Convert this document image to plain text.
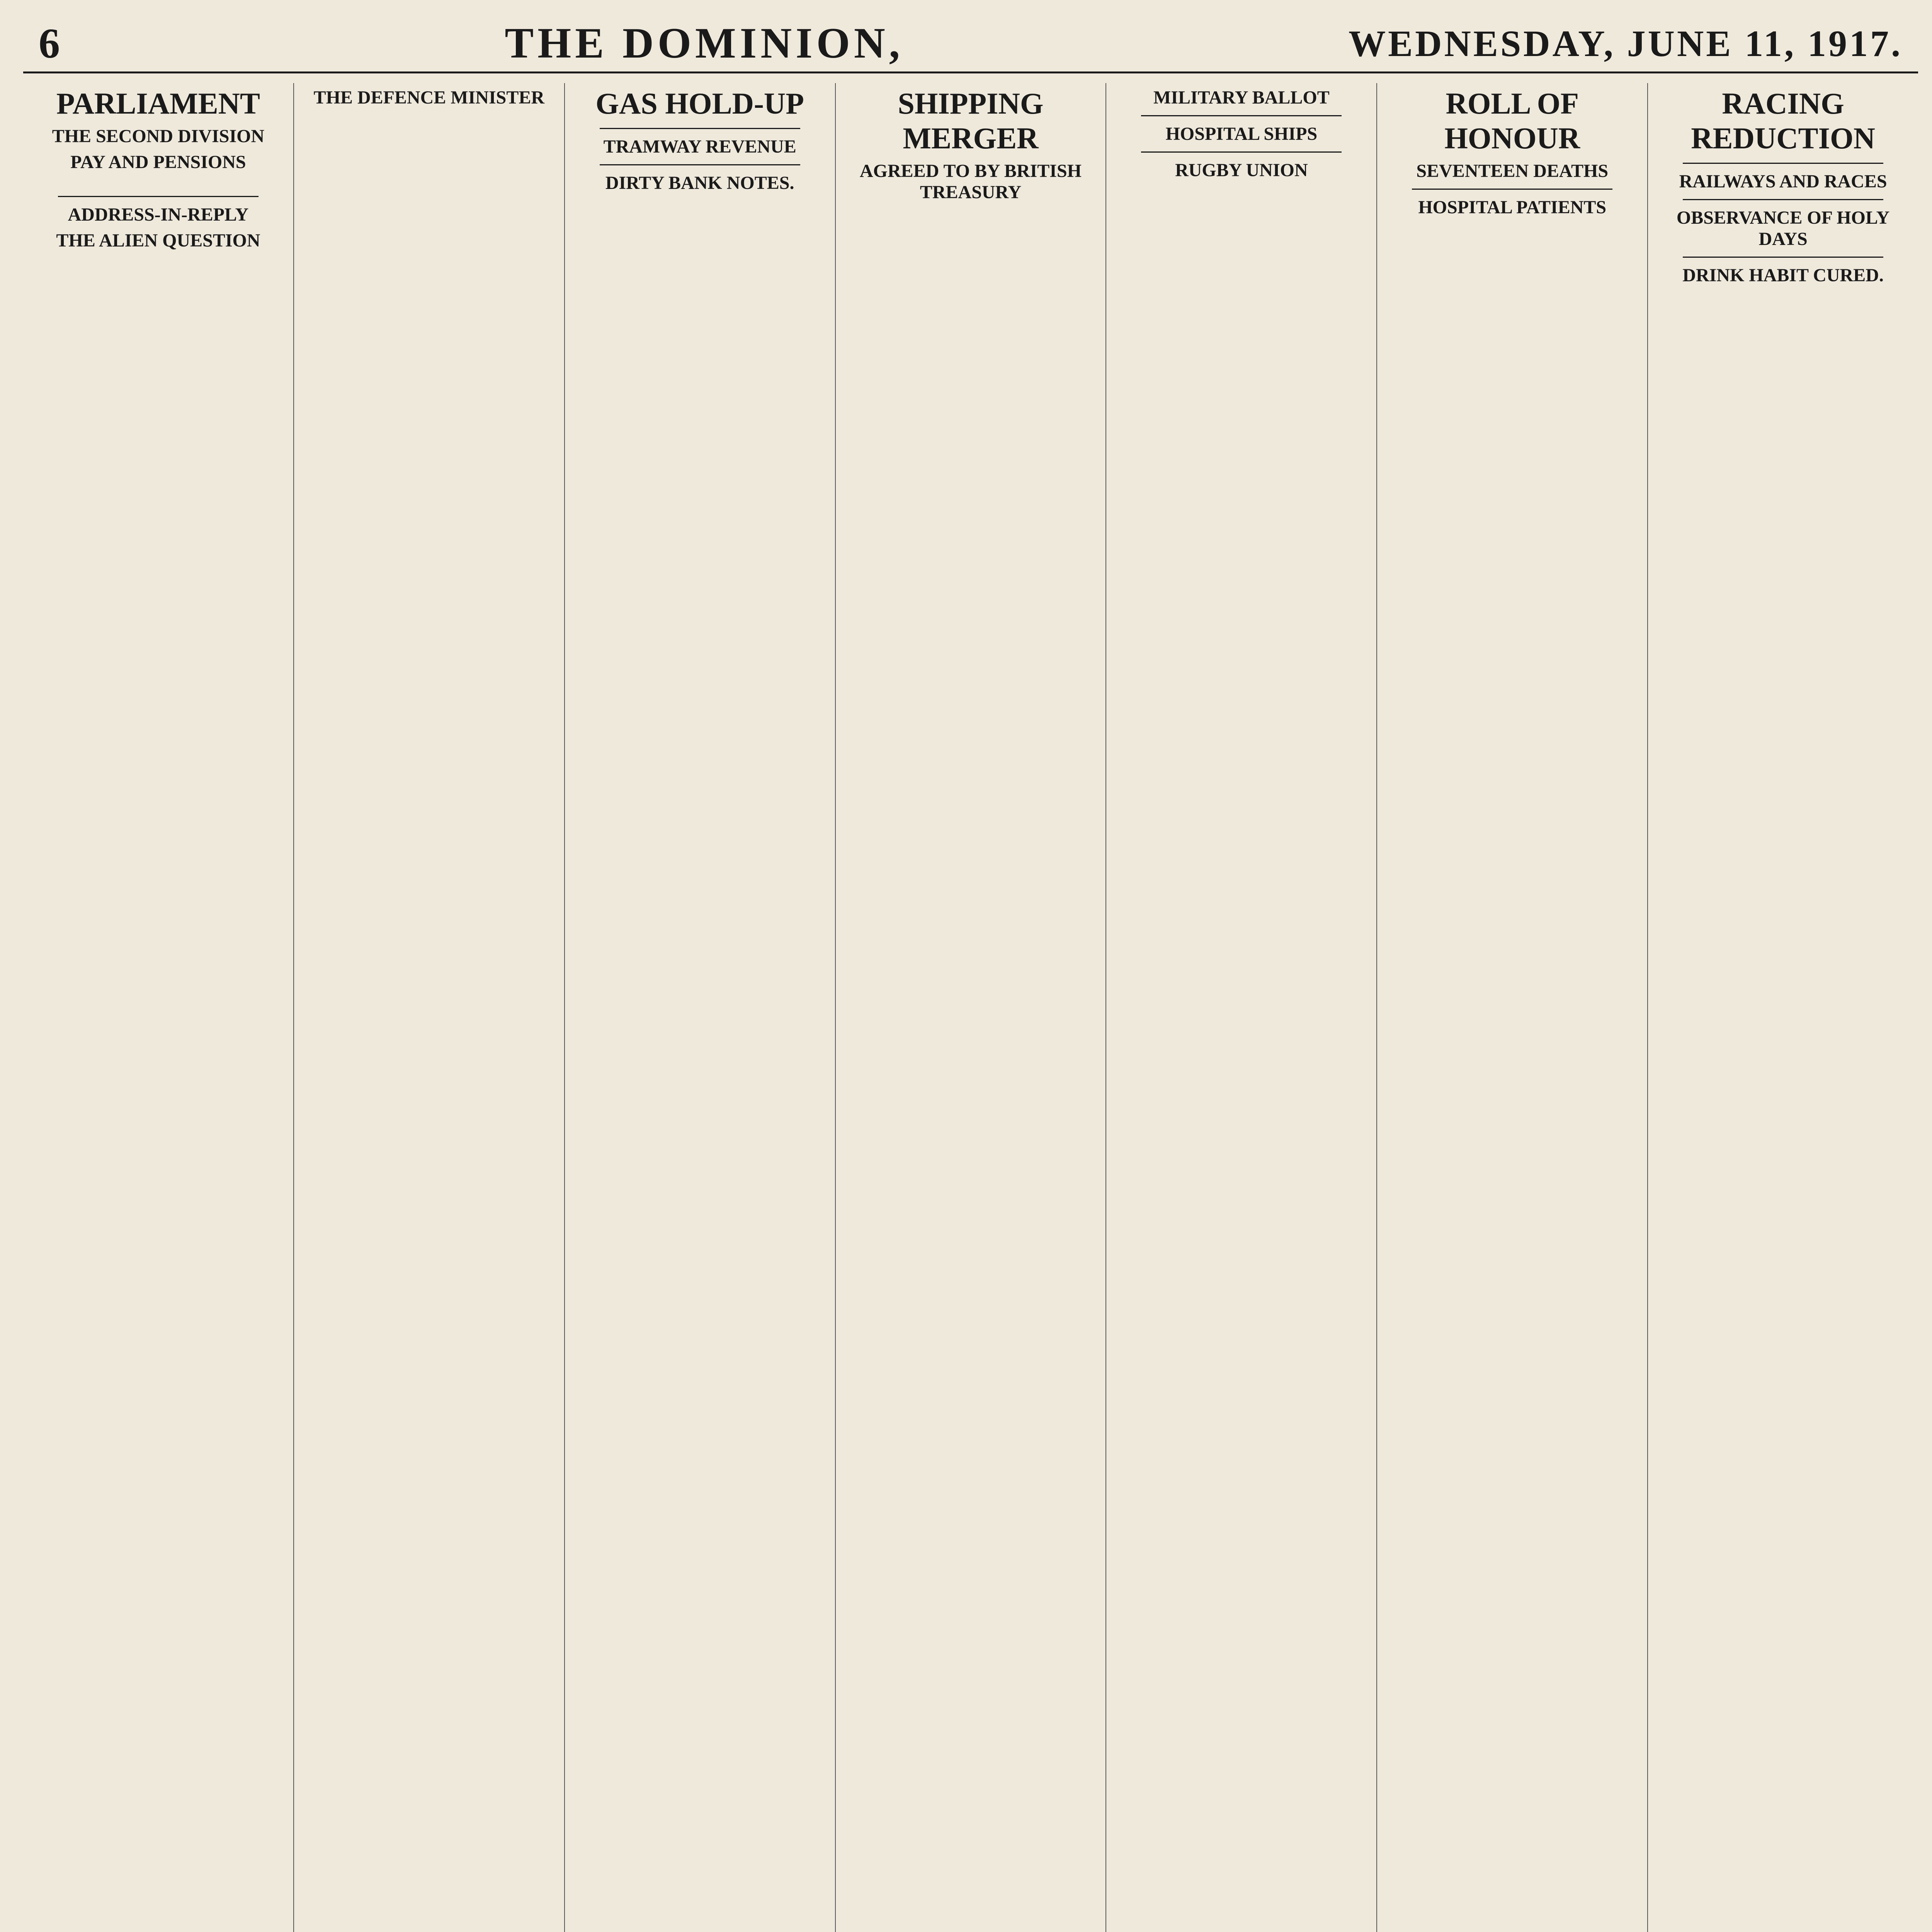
6	THE DOMINION,	WEDNESDAY, JUNE 11, 1917.
PARLIAMENT
THE SECOND DIVISION
PAY AND PENSIONS
ADDRESS-IN-REPLY
THE ALIEN QUESTION
THE DEFENCE MINISTER	GAS HOLD-UP
TRAMWAY REVENUE
DIRTY BANK NOTES.
SHIPPING MERGER
AGREED TO BY BRITISH TREASURY
MILITARY BALLOT
HOSPITAL SHIPS
RUGBY UNION
ROLL OF HONOUR
SEVENTEEN DEATHS
HOSPITAL PATIENTS
RACING REDUCTION
RAILWAYS AND RACES
OBSERVANCE OF HOLY DAYS
DRINK HABIT CURED.
